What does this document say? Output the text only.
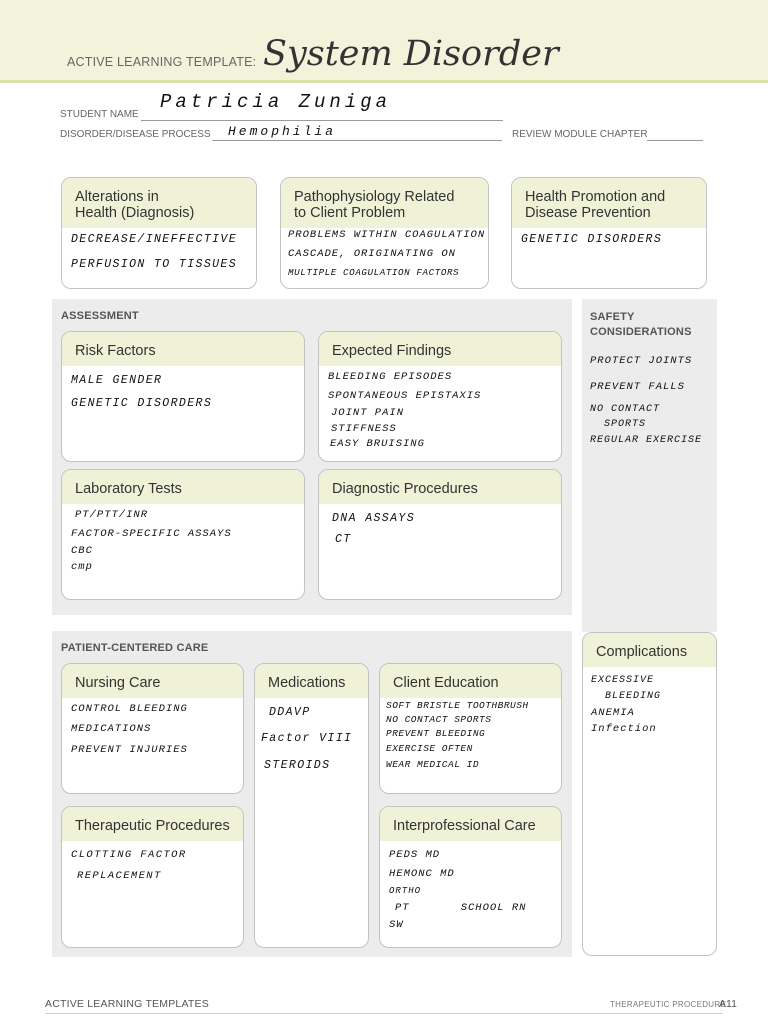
ACTIVE LEARNING TEMPLATE: System Disorder
STUDENT NAME
Patricia Zuniga
DISORDER/DISEASE PROCESS Hemophilia	REVIEW MODULE CHAPTER
Alterations in
Health (Diagnosis)
DECREASE/INEFFECTIVE
PERFUSION TO TISSUES
Pathophysiology Related
to Client Problem
PROBLEMS WITHIN COAGULATION
CASCADE, ORIGINATING ON
MULTIPLE COAGULATION FACTORS
Health Promotion and
Disease Prevention
GENETIC DISORDERS
ASSESSMENT
Risk Factors
MALE GENDER
GENETIC DISORDERS
Expected Findings
BLEEDING EPISODES
SPONTANEOUS EPISTAXIS
JOINT PAIN
STIFFNESS
EASY BRUISING
Laboratory Tests
PT/PTT/INR
FACTOR-SPECIFIC ASSAYS
CBC
cmp
Diagnostic Procedures
DNA ASSAYS
CT
SAFETY
CONSIDERATIONS
PROTECT JOINTS
PREVENT FALLS
NO CONTACT
SPORTS
REGULAR EXERCISE
PATIENT-CENTERED CARE
Nursing Care
CONTROL BLEEDING
MEDICATIONS
PREVENT INJURIES
Medications
DDAVP
Factor VIII
STEROIDS
Client Education
SOFT BRISTLE TOOTHBRUSH
NO CONTACT SPORTS
PREVENT BLEEDING
EXERCISE OFTEN
WEAR MEDICAL ID
Therapeutic Procedures
CLOTTING FACTOR
REPLACEMENT
Interprofessional Care
PEDS MD
HEMONC MD
ORTHO
PT       SCHOOL RN
SW
Complications
EXCESSIVE
BLEEDING
ANEMIA
Infection
ACTIVE LEARNING TEMPLATES	THERAPEUTIC PROCEDURE
A11
